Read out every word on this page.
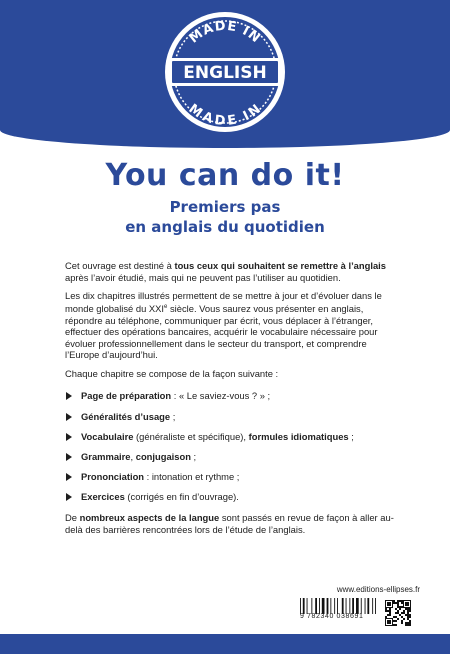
MADE IN
MADE IN
ENGLISH
You can do it!
Premiers pas
en anglais du quotidien

Cet ouvrage est destiné à tous ceux qui souhaitent se remettre à l’anglais après l’avoir étudié, mais qui ne peuvent pas l’utiliser au quotidien.

Les dix chapitres illustrés permettent de se mettre à jour et d’évoluer dans le monde globalisé du XXIe siècle. Vous saurez vous présenter en anglais, répondre au téléphone, communiquer par écrit, vous déplacer à l’étranger, effectuer des opérations bancaires, acquérir le vocabulaire nécessaire pour évoluer professionnellement dans le secteur du transport, et comprendre l’Europe d’aujourd’hui.

Chaque chapitre se compose de la façon suivante :

Page de préparation : « Le saviez-vous ? » ;
Généralités d’usage ;
Vocabulaire (généraliste et spécifique), formules idiomatiques ;
Grammaire, conjugaison ;
Prononciation : intonation et rythme ;
Exercices (corrigés en fin d’ouvrage).

De nombreux aspects de la langue sont passés en revue de façon à aller au-delà des barrières rencontrées lors de l’étude de l’anglais.

www.editions-ellipses.fr
9 782340 038691
